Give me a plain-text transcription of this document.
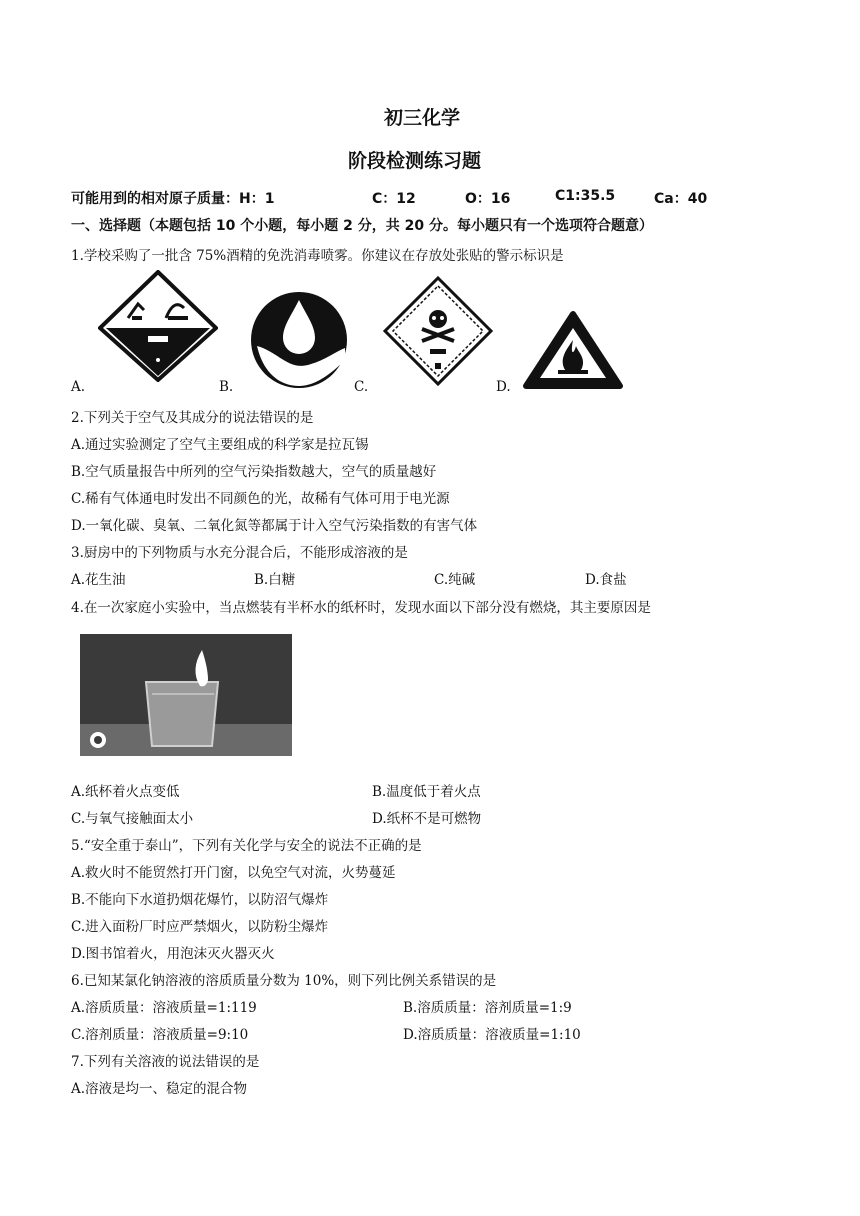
初三化学
阶段检测练习题
可能用到的相对原子质量：H：1	C：12	O：16	C1:35.5	Ca：40
一、选择题（本题包括 10 个小题，每小题 2 分，共 20 分。每小题只有一个选项符合题意）
1.学校采购了一批含 75%酒精的免洗消毒喷雾。你建议在存放处张贴的警示标识是
A.	B.	C.	D.
2.下列关于空气及其成分的说法错误的是
A.通过实验测定了空气主要组成的科学家是拉瓦锡
B.空气质量报告中所列的空气污染指数越大，空气的质量越好
C.稀有气体通电时发出不同颜色的光，故稀有气体可用于电光源
D.一氧化碳、臭氧、二氧化氮等都属于计入空气污染指数的有害气体
3.厨房中的下列物质与水充分混合后，不能形成溶液的是
A.花生油	B.白糖	C.纯碱	D.食盐
4.在一次家庭小实验中，当点燃装有半杯水的纸杯时，发现水面以下部分没有燃烧，其主要原因是
A.纸杯着火点变低	B.温度低于着火点
C.与氧气接触面太小	D.纸杯不是可燃物
5.“安全重于泰山”，下列有关化学与安全的说法不正确的是
A.救火时不能贸然打开门窗，以免空气对流，火势蔓延
B.不能向下水道扔烟花爆竹，以防沼气爆炸
C.进入面粉厂时应严禁烟火，以防粉尘爆炸
D.图书馆着火，用泡沫灭火器灭火
6.已知某氯化钠溶液的溶质质量分数为 10%，则下列比例关系错误的是
A.溶质质量：溶液质量=1:119	B.溶质质量：溶剂质量=1:9
C.溶剂质量：溶液质量=9:10	D.溶质质量：溶液质量=1:10
7.下列有关溶液的说法错误的是
A.溶液是均一、稳定的混合物
